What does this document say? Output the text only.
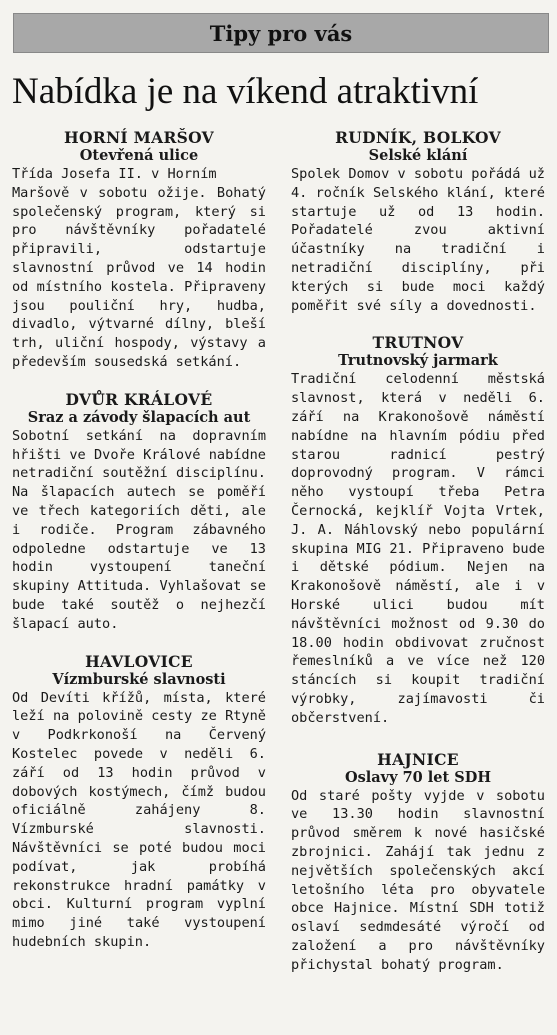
Tipy pro vás
Nabídka je na víkend atraktivní
HORNÍ MARŠOV
Otevřená ulice
Třída Josefa II. v Horním
Maršově v sobotu ožije. Bohatý společenský program, který si pro návštěvníky pořadatelé připravili, odstartuje slavnostní průvod ve 14 hodin od místního kostela. Připraveny jsou pouliční hry, hudba, divadlo, výtvarné dílny, bleší trh, uliční hospody, výstavy a především sousedská setkání.
DVŮR KRÁLOVÉ
Sraz a závody šlapacích aut
Sobotní setkání na dopravním hřišti ve Dvoře Králové nabídne netradiční soutěžní disciplínu. Na šlapacích autech se poměří ve třech kategoriích děti, ale i rodiče. Program zábavného odpoledne odstartuje ve 13 hodin vystoupení taneční skupiny Attituda. Vyhlašovat se bude také soutěž o nejhezčí šlapací auto.
HAVLOVICE
Vízmburské slavnosti
Od Devíti křížů, místa, které leží na polovině cesty ze Rtyně v Podkrkonoší na Červený Kostelec povede v neděli 6. září od 13 hodin průvod v dobových kostýmech, čímž budou oficiálně zahájeny 8. Vízmburské slavnosti. Návštěvníci se poté budou moci podívat, jak probíhá rekonstrukce hradní památky v obci. Kulturní program vyplní mimo jiné také vystoupení hudebních skupin.
RUDNÍK, BOLKOV
Selské klání
Spolek Domov v sobotu pořádá už 4. ročník Selského klání, které startuje už od 13 hodin. Pořadatelé zvou aktivní účastníky na tradiční i netradiční disciplíny, při kterých si bude moci každý poměřit své síly a dovednosti.
TRUTNOV
Trutnovský jarmark
Tradiční celodenní městská slavnost, která v neděli 6. září na Krakonošově náměstí nabídne na hlavním pódiu před starou radnicí pestrý doprovodný program. V rámci něho vystoupí třeba Petra Černocká, kejklíř Vojta Vrtek, J. A. Náhlovský nebo populární skupina MIG 21. Připraveno bude i dětské pódium. Nejen na Krakonošově náměstí, ale i v Horské ulici budou mít návštěvníci možnost od 9.30 do 18.00 hodin obdivovat zručnost řemeslníků a ve více než 120 stáncích si koupit tradiční výrobky, zajímavosti či občerstvení.
HAJNICE
Oslavy 70 let SDH
Od staré pošty vyjde v sobotu ve 13.30 hodin slavnostní průvod směrem k nové hasičské zbrojnici. Zahájí tak jednu z největších společenských akcí letošního léta pro obyvatele obce Hajnice. Místní SDH totiž oslaví sedmdesáté výročí od založení a pro návštěvníky přichystal bohatý program.
